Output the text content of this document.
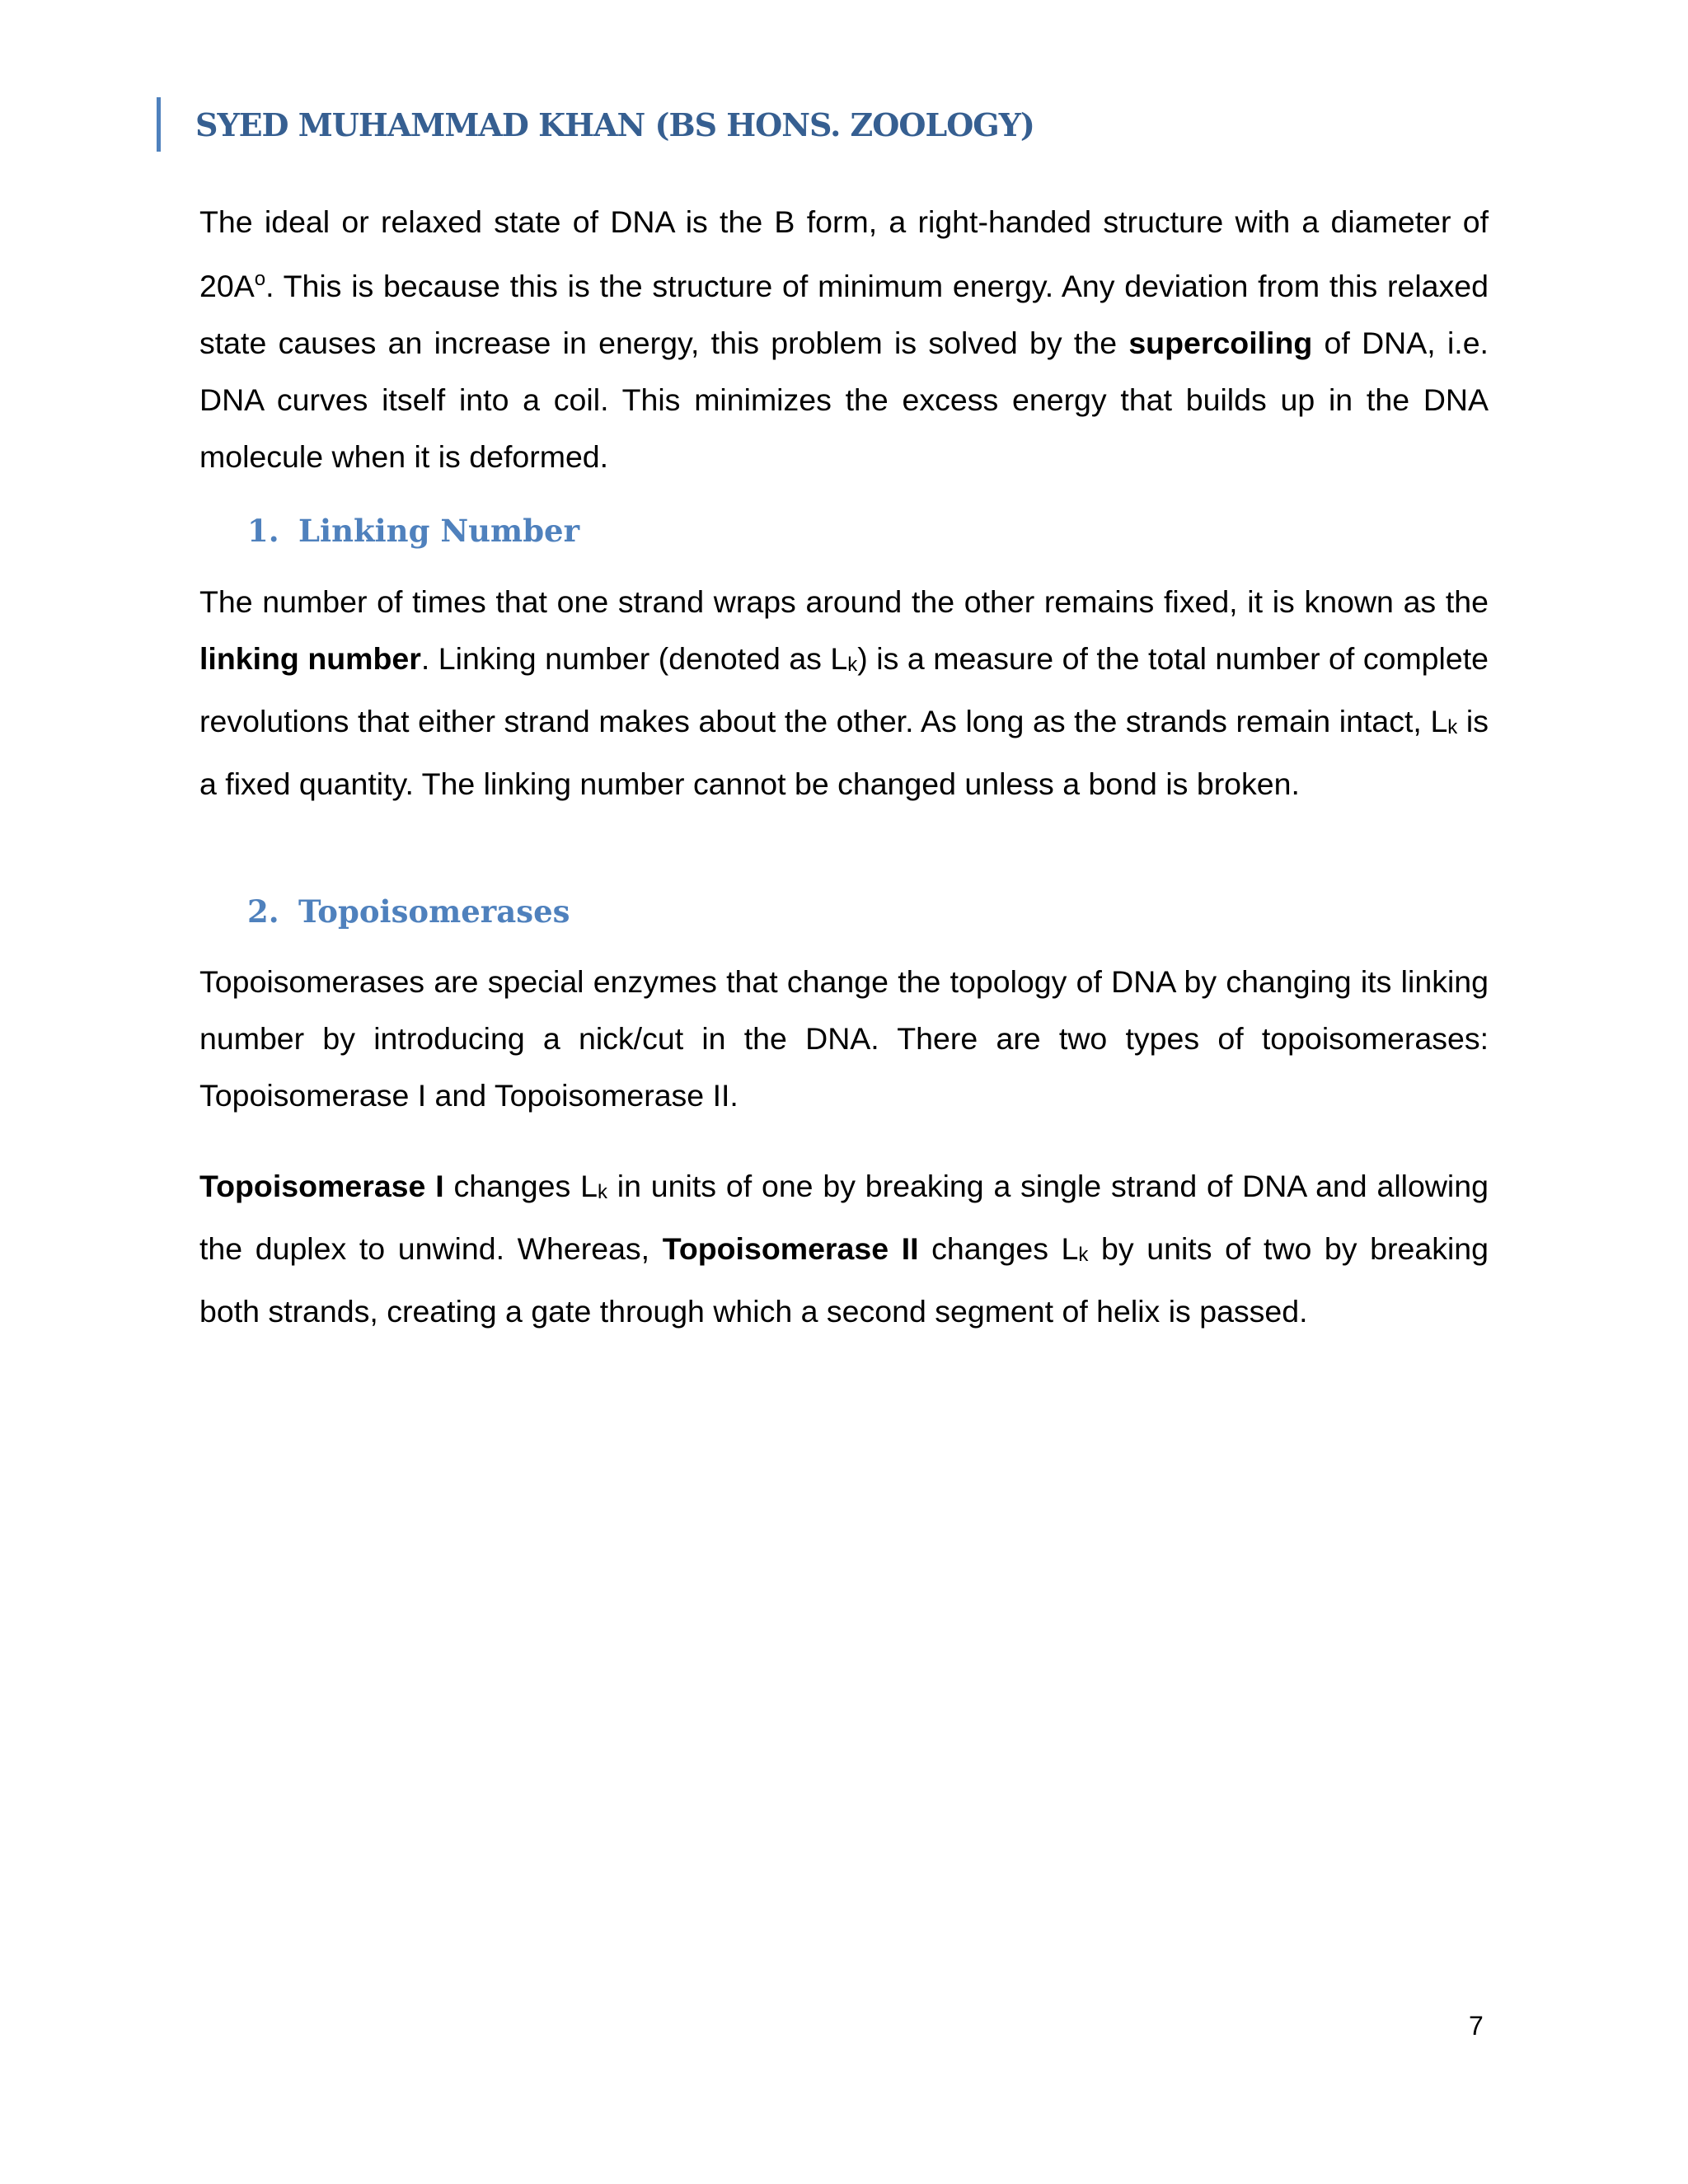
SYED MUHAMMAD KHAN (BS HONS. ZOOLOGY)

The ideal or relaxed state of DNA is the B form, a right-handed structure with a diameter of $20A^o$. This is because this is the structure of minimum energy. Any deviation from this relaxed state causes an increase in energy, this problem is solved by the supercoiling of DNA, i.e. DNA curves itself into a coil. This minimizes the excess energy that builds up in the DNA molecule when it is deformed.

1. Linking Number

The number of times that one strand wraps around the other remains fixed, it is known as the linking number. Linking number (denoted as Lk) is a measure of the total number of complete revolutions that either strand makes about the other. As long as the strands remain intact, Lk is a fixed quantity. The linking number cannot be changed unless a bond is broken.

2. Topoisomerases

Topoisomerases are special enzymes that change the topology of DNA by changing its linking number by introducing a nick/cut in the DNA. There are two types of topoisomerases: Topoisomerase I and Topoisomerase II.

Topoisomerase I changes Lk in units of one by breaking a single strand of DNA and allowing the duplex to unwind. Whereas, Topoisomerase II changes Lk by units of two by breaking both strands, creating a gate through which a second segment of helix is passed.

7
